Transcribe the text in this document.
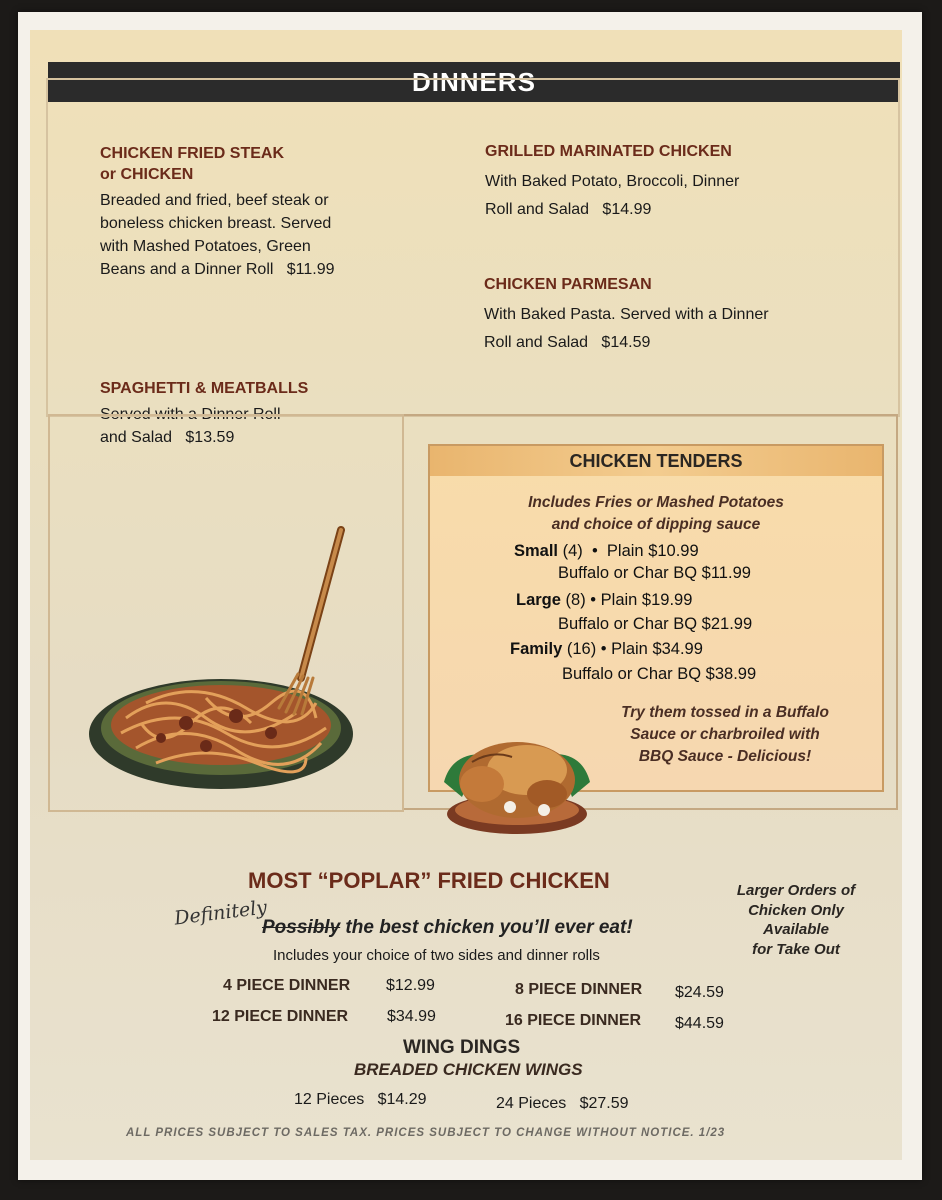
DINNERS
CHICKEN FRIED STEAK
or CHICKEN
Breaded and fried, beef steak or
boneless chicken breast. Served
with Mashed Potatoes, Green
Beans and a Dinner Roll $11.99
GRILLED MARINATED CHICKEN
With Baked Potato, Broccoli, Dinner
Roll and Salad $14.99
CHICKEN PARMESAN
With Baked Pasta. Served with a Dinner
Roll and Salad $14.59
SPAGHETTI & MEATBALLS
Served with a Dinner Roll
and Salad $13.59
CHICKEN TENDERS
Includes Fries or Mashed Potatoes
and choice of dipping sauce
Small (4)  •  Plain $10.99
Buffalo or Char BQ $11.99
Large (8) • Plain $19.99
Buffalo or Char BQ $21.99
Family (16) • Plain $34.99
Buffalo or Char BQ $38.99
Try them tossed in a Buffalo
Sauce or charbroiled with
BBQ Sauce - Delicious!
MOST “POPLAR” FRIED CHICKEN
Definitely
Possibly the best chicken you’ll ever eat!
Includes your choice of two sides and dinner rolls
Larger Orders of
Chicken Only
Available
for Take Out
4 PIECE DINNER $12.99
12 PIECE DINNER $34.99
8 PIECE DINNER $24.59
16 PIECE DINNER $44.59
WING DINGS
BREADED CHICKEN WINGS
12 Pieces $14.29	24 Pieces $27.59
ALL PRICES SUBJECT TO SALES TAX. PRICES SUBJECT TO CHANGE WITHOUT NOTICE. 1/23
